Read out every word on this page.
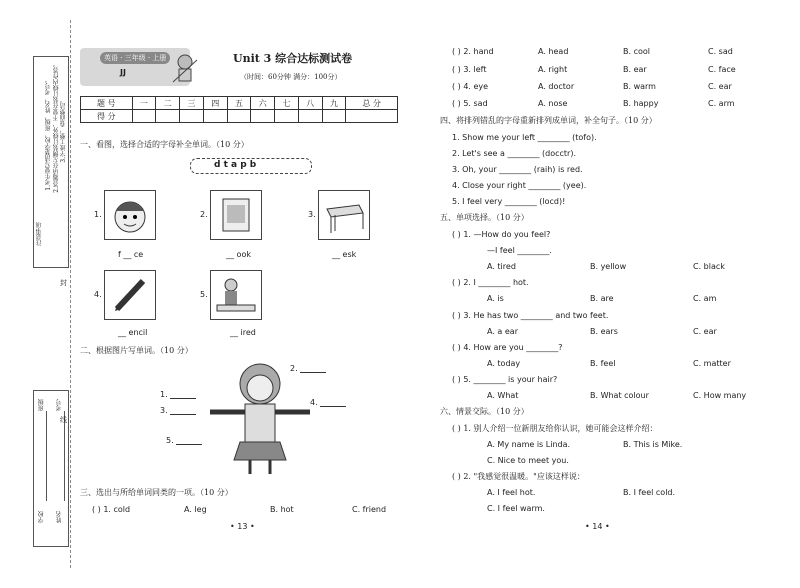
注意事项
1.考生要写清楚学校、班级、姓名、考号。 2.答题请在左侧装订线外，不要在装订线内作答。 3.字迹工整，卷面整洁。
封
学校
班级
姓名
考号
线
英语 · 三年级 · 上册
JJ
Unit 3 综合达标测试卷
（时间：60分钟 满分：100分）
题 号	一	二	三	四	五	六	七	八	九	总 分
得 分										
一、看图，选择合适的字母补全单词。（10 分）
d t a p b
1.
f __ ce
2.
__ ook
3.
__ esk
4.
__ encil
5.
__ ired
二、根据图片写单词。（10 分）
1.
2.
3.
4.
5.
三、选出与所给单词同类的一项。（10 分）
( ) 1. cold	A. leg	B. hot	C. friend
• 13 •
( ) 2. hand	A. head	B. cool	C. sad
( ) 3. left	A. right	B. ear	C. face
( ) 4. eye	A. doctor	B. warm	C. ear
( ) 5. sad	A. nose	B. happy	C. arm
四、将排列错乱的字母重新排列成单词，补全句子。（10 分）
1. Show me your left ________ (tofo).
2. Let's see a ________ (docctr).
3. Oh, your ________ (raih) is red.
4. Close your right ________ (yee).
5. I feel very ________ (locd)!
五、单项选择。（10 分）
( ) 1. —How do you feel?
—I feel ________.
A. tired	B. yellow	C. black
( ) 2. I ________ hot.
A. is	B. are	C. am
( ) 3. He has two ________ and two feet.
A. a ear	B. ears	C. ear
( ) 4. How are you ________?
A. today	B. feel	C. matter
( ) 5. ________ is your hair?
A. What	B. What colour	C. How many
六、情景交际。（10 分）
( ) 1. 别人介绍一位新朋友给你认识，她可能会这样介绍：
A. My name is Linda.	B. This is Mike.
C. Nice to meet you.
( ) 2. "我感觉很温暖。"应该这样说：
A. I feel hot.	B. I feel cold.
C. I feel warm.
• 14 •
